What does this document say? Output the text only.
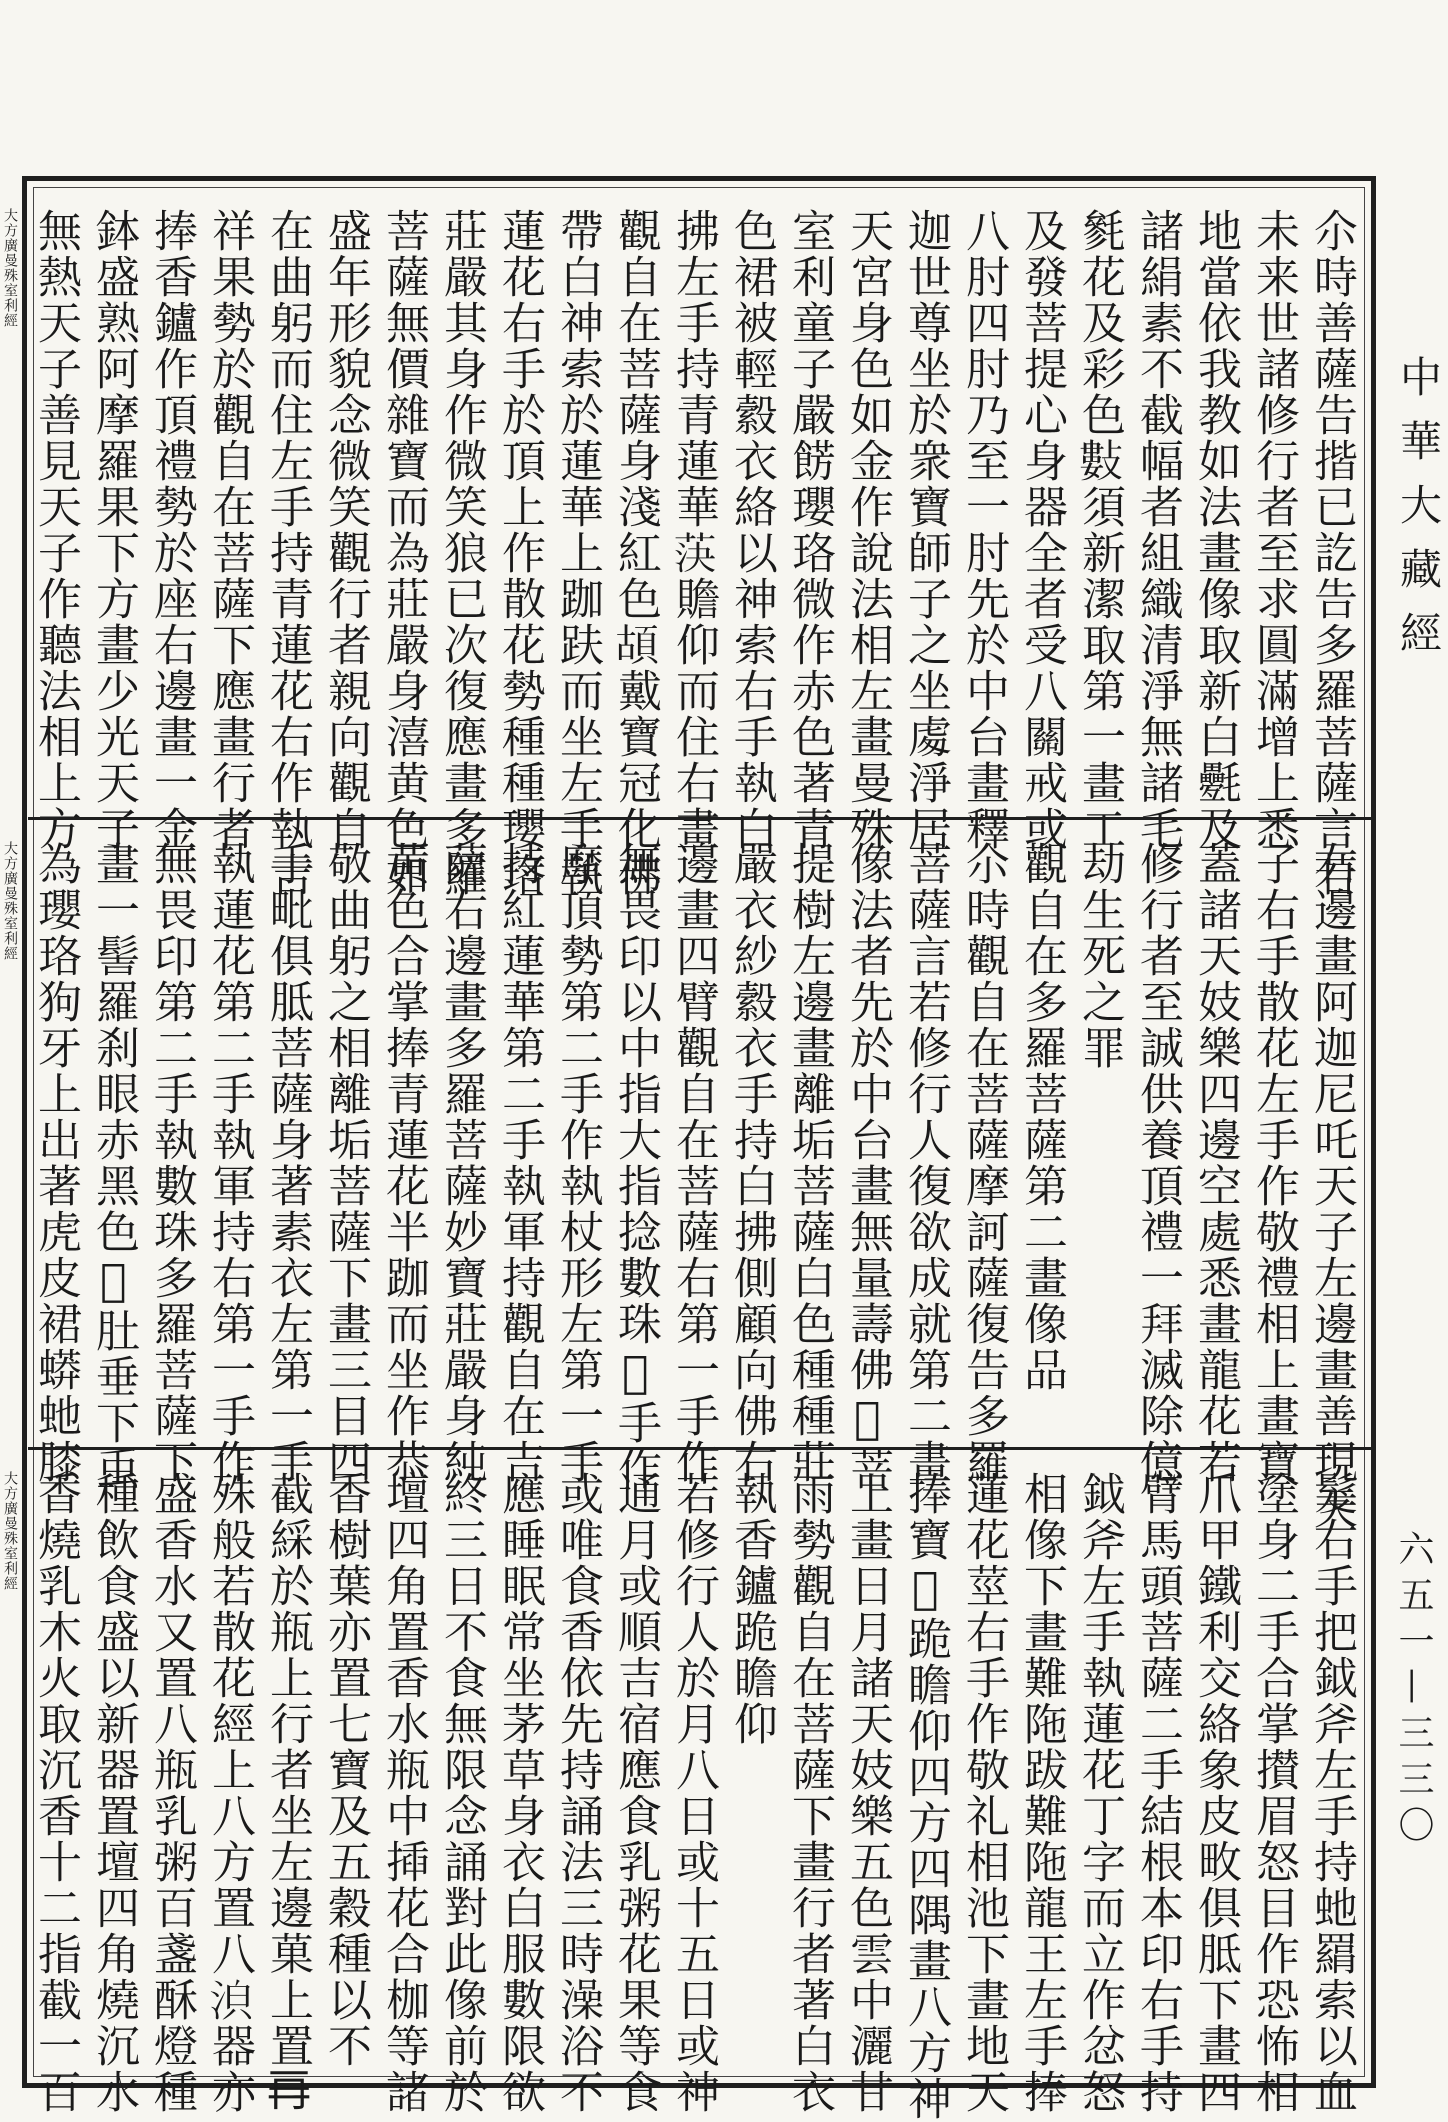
中華大藏經
六五一—三三〇
尒時善薩告揩已訖告多羅菩薩言若
未来世諸修行者至求圓滿增上悉
地當依我教如法畫像取新白氎及
諸絹素不截幅者組織清淨無諸毛
毿花及彩色𢿘須新潔取第一畫工
及發菩提心身器全者受八關戒或
八肘四肘乃至一肘先於中台畫釋
迦世尊坐於衆寶師子之坐䖏淨居
天宮身色如金作說法相左畫曼殊
室利童子嚴餝瓔珞微作赤色著青
色裙被輕縠衣絡以神索右手執白
拂左手持青蓮華𦯊贍仰而住右畫
觀自在菩薩身淺紅色𩑶戴寶冠化佛
帶白神索於蓮華上跏趺而坐左手執
蓮花右手於頂上作散花勢種種瓔珞
莊嚴其身作微笑狼已次復應畫多羅
菩薩無價雜寶而為莊嚴身㵙黄色如
盛年形貌念微笑觀行者親向觀自
在曲躬而住左手持青蓮花右作執吉
祥果勢於觀自在菩薩下應畫行者
捧香鑪作頂禮勢於座右邊畫一金
鉢盛熟阿摩羅果下方畫少光天子
無熱天子善見天子作聽法相上方
大方廣曼殊室利經
右邊畫阿迦尼吒天子左邊畫善現天
子右手散花左手作敬禮相上畫寶
蓋諸天妓樂四邊空處悉畫龍花若
修行者至誠供養頂禮一拜滅除億
劫生死之罪
觀自在多羅菩薩第二畫像品
尒時觀自在菩薩摩訶薩復告多羅
菩薩言若修行人復欲成就第二畫
像法者先於中台畫無量壽佛𠋣菩
提樹左邊畫離垢菩薩白色種種莊
嚴衣紗縠衣手持白拂側顧向佛右
邊畫四臂觀自在菩薩右第一手作
無畏印以中指大指捻數珠𦍃手作
摩頂勢第二手作執杖形左第一手
持紅蓮華第二手執軍持觀自在吉
薩右邊畫多羅菩薩妙寶莊嚴身純
黄色合掌捧青蓮花半跏而坐作恭
敬曲躬之相離垢菩薩下畫三目四
手毗俱胝菩薩身著素衣左第一手
執蓮花第二手執軍持右第一手作
無畏印第二手執數珠多羅菩薩下
畫一髻羅刹眼赤黑色𢾾肚垂下䖝
為瓔珞狗牙上出著虎皮裙蟒虵膝
大方廣曼殊室利經
髮右手把鉞斧左手持虵羂索以血
塗身二手合掌攅眉怒目作恐怖相
爪甲鐵利交絡象皮畋俱胝下畫四
臂馬頭菩薩二手結根本印右手持
鉞斧左手執蓮花丁字而立作忿怒
相像下畫難陁跋難陁龍王左手捧
蓮花莖右手作敬礼相池下畫地天
捧寶𤛆跪瞻仰四方四隅畫八方神
上畫日月諸天妓樂五色雲中灑甘
雨勢觀自在菩薩下畫行者著白衣
執香鑪跪瞻仰
若修行人於月八日或十五日或神
通月或順吉宿應食乳粥花果等食
或唯食香依先持誦法三時澡浴不
應睡眠常坐茅草身衣白服數限欲
終三日不食無限念誦對此像前於
壇四角置香水瓶中揷花合枷等諸
香樹葉亦置七寶及五穀種以不
截綵於瓶上行者坐左邊菓上置𠕅
殊般若散花經上八方置八𣴼器亦
盛香水又置八瓶乳粥百盞酥燈種
種飲食盛以新器置壇四角燒沉水
香燒乳木火取沉香十二指截一百
大方廣曼殊室利經
